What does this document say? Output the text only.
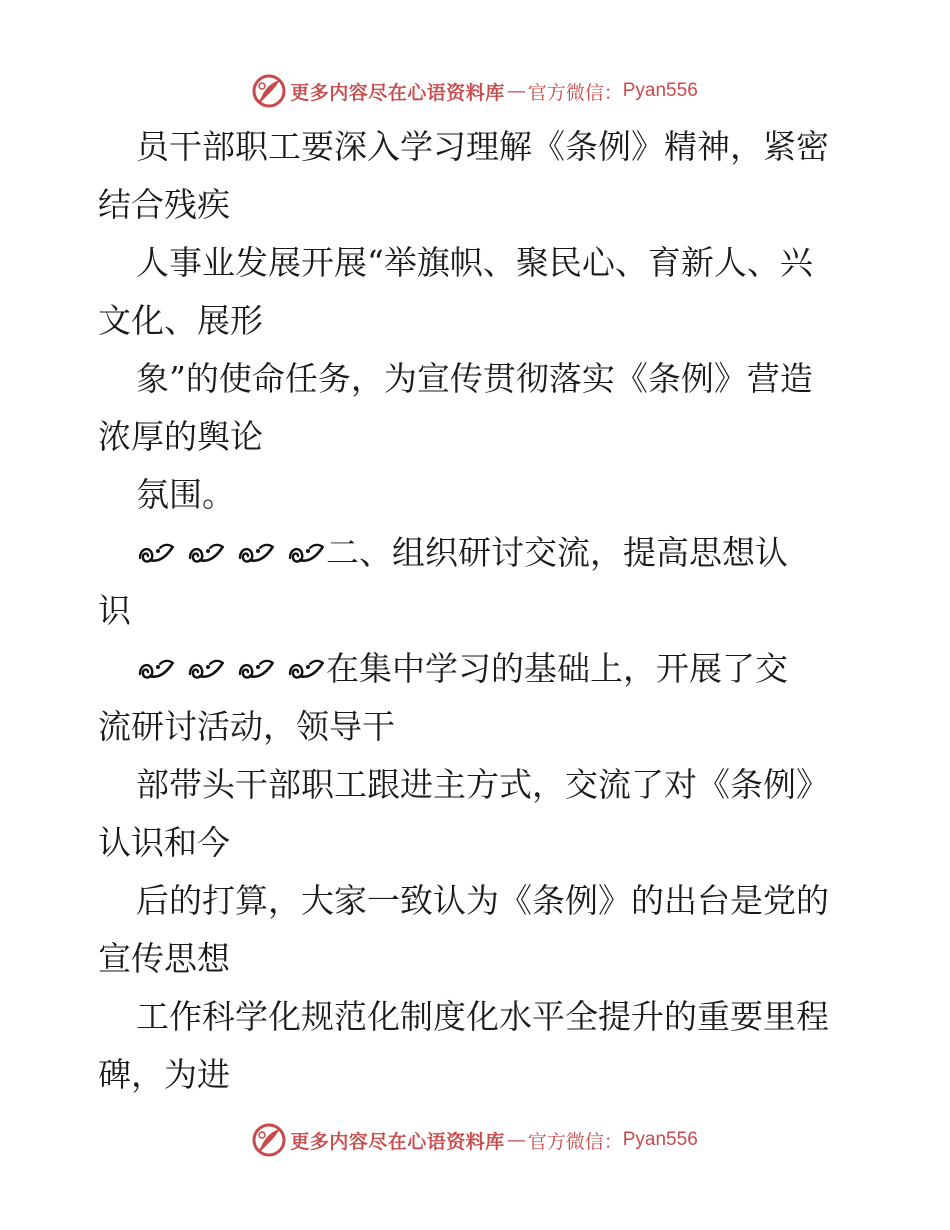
更多内容尽在心语资料库 — 官方微信： Pyan556
员干部职工要深入学习理解《条例》精神，紧密
结合残疾
人事业发展开展“举旗帜、聚民心、育新人、兴
文化、展形
象”的使命任务，为宣传贯彻落实《条例》营造
浓厚的舆论
氛围。
二、组织研讨交流，提高思想认
识
在集中学习的基础上，开展了交
流研讨活动，领导干
部带头干部职工跟进主方式，交流了对《条例》
认识和今
后的打算，大家一致认为《条例》的出台是党的
宣传思想
工作科学化规范化制度化水平全提升的重要里程
碑，为进
更多内容尽在心语资料库 — 官方微信： Pyan556
